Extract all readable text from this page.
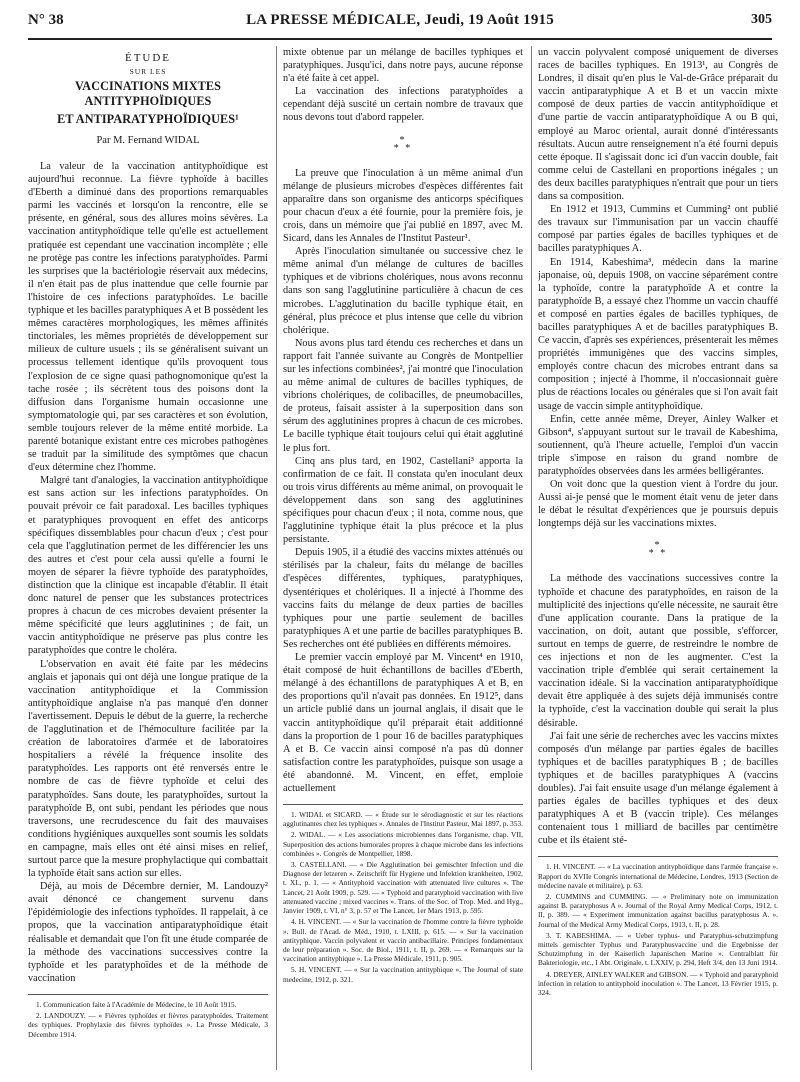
N° 38	LA PRESSE MÉDICALE, Jeudi, 19 Août 1915	305
ÉTUDE
SUR LES
VACCINATIONS MIXTES ANTITYPHOÏDIQUES
ET ANTIPARATYPHOÏDIQUES¹
Par M. Fernand WIDAL

La valeur de la vaccination antityphoïdique est aujourd'hui reconnue. La fièvre typhoïde à bacilles d'Eberth a diminué dans des proportions remarquables parmi les vaccinés et lorsqu'on la rencontre, elle se présente, en général, sous des allures moins sévères. La vaccination antityphoïdique telle qu'elle est actuellement pratiquée est cependant une vaccination incomplète ; elle ne protège pas contre les infections paratyphoïdes. Parmi les surprises que la bactériologie réservait aux médecins, il n'en était pas de plus inattendue que celle fournie par l'histoire de ces infections paratyphoïdes. Le bacille typhique et les bacilles paratyphiques A et B possèdent les mêmes caractères morphologiques, les mêmes affinités tinctoriales, les mêmes propriétés de développement sur milieux de culture usuels ; ils se généralisent suivant un processus tellement identique qu'ils provoquent tous l'explosion de ce signe quasi pathognomonique qu'est la tache rosée ; ils sécrètent tous des poisons dont la diffusion dans l'organisme humain occasionne une symptomatologie qui, par ses caractères et son évolution, semble toujours relever de la même entité morbide. La parenté botanique existant entre ces microbes pathogènes se traduit par la similitude des symptômes que chacun d'eux détermine chez l'homme.

Malgré tant d'analogies, la vaccination antityphoïdique est sans action sur les infections paratyphoïdes. On pouvait prévoir ce fait paradoxal. Les bacilles typhiques et paratyphiques provoquent en effet des anticorps spécifiques dissemblables pour chacun d'eux ; c'est pour cela que l'agglutination permet de les différencier les uns des autres et c'est pour cela aussi qu'elle a fourni le moyen de séparer la fièvre typhoïde des paratyphoïdes, distinction que la clinique est incapable d'établir. Il était donc naturel de penser que les substances protectrices propres à chacun de ces microbes devaient présenter la même spécificité que leurs agglutinines ; de fait, un vaccin antityphoïdique ne préserve pas plus contre les paratyphoïdes que contre le choléra.

L'observation en avait été faite par les médecins anglais et japonais qui ont déjà une longue pratique de la vaccination antityphoïdique et la Commission antityphoïdique anglaise n'a pas manqué d'en donner l'avertissement. Depuis le début de la guerre, la recherche de l'agglutination et de l'hémoculture facilitée par la création de laboratoires d'armée et de laboratoires hospitaliers a révélé la fréquence insolite des paratyphoïdes. Les rapports ont été renversés entre le nombre de cas de fièvre typhoïde et celui des paratyphoïdes. Sans doute, les paratyphoïdes, surtout la paratyphoïde B, ont subi, pendant les périodes que nous traversons, une recrudescence du fait des mauvaises conditions hygiéniques auxquelles sont soumis les soldats en campagne, mais elles ont été ainsi mises en relief, surtout parce que la mesure prophylactique qui combattait la typhoïde était sans action sur elles.

Déjà, au mois de Décembre dernier, M. Landouzy² avait dénoncé ce changement survenu dans l'épidémiologie des infections typhoïdes. Il rappelait, à ce propos, que la vaccination antiparatyphoïdique était réalisable et demandait que l'on fît une étude comparée de la méthode des vaccinations successives contre la typhoïde et les paratyphoïdes et de la méthode de vaccination

1. Communication faite à l'Académie de Médecine, le 10 Août 1915.

2. LANDOUZY. — « Fièvres typhoïdes et fièvres paratyphoïdes. Traitement des typhiques. Prophylaxie des fièvres typhoïdes ». La Presse Médicale, 3 Décembre 1914.

mixte obtenue par un mélange de bacilles typhiques et paratyphiques. Jusqu'ici, dans notre pays, aucune réponse n'a été faite à cet appel.

La vaccination des infections paratyphoïdes a cependant déjà suscité un certain nombre de travaux que nous devons tout d'abord rappeler.

*
* *

La preuve que l'inoculation à un même animal d'un mélange de plusieurs microbes d'espèces différentes fait apparaître dans son organisme des anticorps spécifiques pour chacun d'eux a été fournie, pour la première fois, je crois, dans un mémoire que j'ai publié en 1897, avec M. Sicard, dans les Annales de l'Institut Pasteur¹.

Après l'inoculation simultanée ou successive chez le même animal d'un mélange de cultures de bacilles typhiques et de vibrions cholériques, nous avons reconnu dans son sang l'agglutinine particulière à chacun de ces microbes. L'agglutination du bacille typhique était, en général, plus précoce et plus intense que celle du vibrion cholérique.

Nous avons plus tard étendu ces recherches et dans un rapport fait l'année suivante au Congrès de Montpellier sur les infections combinées², j'ai montré que l'inoculation au même animal de cultures de bacilles typhiques, de vibrions cholériques, de colibacilles, de pneumobacilles, de proteus, faisait assister à la superposition dans son sérum des agglutinines propres à chacun de ces microbes. Le bacille typhique était toujours celui qui était agglutiné le plus fort.

Cinq ans plus tard, en 1902, Castellani³ apporta la confirmation de ce fait. Il constata qu'en inoculant deux ou trois virus différents au même animal, on provoquait le développement dans son sang des agglutinines spécifiques pour chacun d'eux ; il nota, comme nous, que l'agglutinine typhique était la plus précoce et la plus persistante.

Depuis 1905, il a étudié des vaccins mixtes atténués ou stérilisés par la chaleur, faits du mélange de bacilles d'espèces différentes, typhiques, paratyphiques, dysentériques et cholériques. Il a injecté à l'homme des vaccins faits du mélange de deux parties de bacilles typhiques pour une partie seulement de bacilles paratyphiques A et une partie de bacilles paratyphiques B. Ses recherches ont été publiées en différents mémoires.

Le premier vaccin employé par M. Vincent⁴ en 1910, était composé de huit échantillons de bacilles d'Eberth, mélangé à des échantillons de paratyphiques A et B, en des proportions qu'il n'avait pas données. En 1912⁵, dans un article publié dans un journal anglais, il disait que le vaccin antityphoïdique qu'il préparait était additionné dans la proportion de 1 pour 16 de bacilles paratyphiques A et B. Ce vaccin ainsi composé n'a pas dû donner satisfaction contre les paratyphoïdes, puisque son usage a été abandonné. M. Vincent, en effet, emploie actuellement

1. WIDAL et SICARD. — « Étude sur le sérodiagnostic et sur les réactions agglutinantes chez les typhiques ». Annales de l'Institut Pasteur, Mai 1897, p. 353.

2. WIDAL. — « Les associations microbiennes dans l'organisme, chap. VII, Superposition des actions humorales propres à chaque microbe dans les infections combinées ». Congrès de Montpellier, 1898.

3. CASTELLANI. — « Die Agglutination bei gemischter Infection und die Diagnose der letzeren ». Zeitschrift für Hygiene und Infektion krankheiten, 1902, t. XL, p. 1. — « Antityphoid vaccination with attenuated live cultures ». The Lancet, 21 Août 1909, p. 529. — « Typhoid and paratyphoid vaccination with live attenuated vaccine ; mixed vaccines ». Trans. of the Soc. of Trop. Med. and Hyg., Janvier 1909, t. VI, n° 3, p. 57 et The Lancet, 1er Mars 1913, p. 595.

4. H. VINCENT. — « Sur la vaccination de l'homme contre la fièvre typhoïde ». Bull. de l'Acad. de Méd., 1910, t. LXIII, p. 615. — « Sur la vaccination antityphique. Vaccin polyvalent et vaccin antibacillaire. Principes fondamentaux de leur préparation ». Soc. de Biol., 1911, t. II, p. 269. — « Remarques sur la vaccination antityphique ». La Presse Médicale, 1911, p. 905.

5. H. VINCENT. — « Sur la vaccination antityphique ». The Journal of state medecine, 1912, p. 321.

un vaccin polyvalent composé uniquement de diverses races de bacilles typhiques. En 1913¹, au Congrès de Londres, il disait qu'en plus le Val-de-Grâce préparait du vaccin antiparatyphique A et B et un vaccin mixte composé de deux parties de vaccin antityphoïdique et d'une partie de vaccin antiparatyphoïdique A ou B qui, employé au Maroc oriental, aurait donné d'intéressants résultats. Aucun autre renseignement n'a été fourni depuis cette époque. Il s'agissait donc ici d'un vaccin double, fait comme celui de Castellani en proportions inégales ; un des deux bacilles paratyphiques n'entrait que pour un tiers dans sa composition.

En 1912 et 1913, Cummins et Cumming² ont publié des travaux sur l'immunisation par un vaccin chauffé composé par parties égales de bacilles typhiques et de bacilles paratyphiques A.

En 1914, Kabeshima³, médecin dans la marine japonaise, où, depuis 1908, on vaccine séparément contre la typhoïde, contre la paratyphoïde A et contre la paratyphoïde B, a essayé chez l'homme un vaccin chauffé et composé en parties égales de bacilles typhiques, de bacilles paratyphiques A et de bacilles paratyphiques B. Ce vaccin, d'après ses expériences, présenterait les mêmes propriétés immunigènes que des vaccins simples, employés contre chacun des microbes entrant dans sa composition ; injecté à l'homme, il n'occasionnait guère plus de réactions locales ou générales que si l'on avait fait usage de vaccin simple antityphoïdique.

Enfin, cette année même, Dreyer, Ainley Walker et Gibson⁴, s'appuyant surtout sur le travail de Kabeshima, soutiennent, qu'à l'heure actuelle, l'emploi d'un vaccin triple s'impose en raison du grand nombre de paratyphoïdes observées dans les armées belligérantes.

On voit donc que la question vient à l'ordre du jour. Aussi ai-je pensé que le moment était venu de jeter dans le débat le résultat d'expériences que je poursuis depuis longtemps déjà sur les vaccinations mixtes.

*
* *

La méthode des vaccinations successives contre la typhoïde et chacune des paratyphoïdes, en raison de la multiplicité des injections qu'elle nécessite, ne saurait être d'une application courante. Dans la pratique de la vaccination, on doit, autant que possible, s'efforcer, surtout en temps de guerre, de restreindre le nombre de ces injections et non de les augmenter. C'est la vaccination triple d'emblée qui serait certainement la vaccination idéale. Si la vaccination antiparatyphoïdique devait être appliquée à des sujets déjà immunisés contre la typhoïde, c'est la vaccination double qui serait la plus désirable.

J'ai fait une série de recherches avec les vaccins mixtes composés d'un mélange par parties égales de bacilles typhiques et de bacilles paratyphiques B ; de bacilles typhiques et de bacilles paratyphiques A (vaccins doubles). J'ai fait ensuite usage d'un mélange également à parties égales de bacilles typhiques et des deux paratyphiques A et B (vaccin triple). Ces mélanges contenaient tous 1 milliard de bacilles par centimètre cube et ils étaient sté-

1. H. VINCENT. — « La vaccination antityphoïdique dans l'armée française ». Rapport du XVIIe Congrès international de Médecine, Londres, 1913 (Section de médecine navale et militaire), p. 63.

2. CUMMINS and CUMMING. — « Preliminary note on immunization against B. paratyphosus A ». Journal of the Royal Army Medical Corps, 1912, t. II, p. 389. — « Experiment immunization against bacillus paratyphosus A. ». Journal of the Medical Army Medical Corps, 1913, t. II, p. 28.

3. T. KABESHIMA. — « Ueber typhus- und Paratyphus-schutzimpfung mittels gemischter Typhus und Paratyphusvaccine und die Ergebnisse der Schutzimpfung in der Kaiserlich Japanischen Marine ». Centralblatt für Bakteriologie, etc., I Abt. Originale, t. LXXIV, p. 294, Heft 3/4, den 13 Juni 1914.

4. DREYER, AINLEY WALKER and GIBSON. — « Typhoid and paratyphoid infection in relation to antityphoid inoculation ». The Lancet, 13 Février 1915, p. 324.
